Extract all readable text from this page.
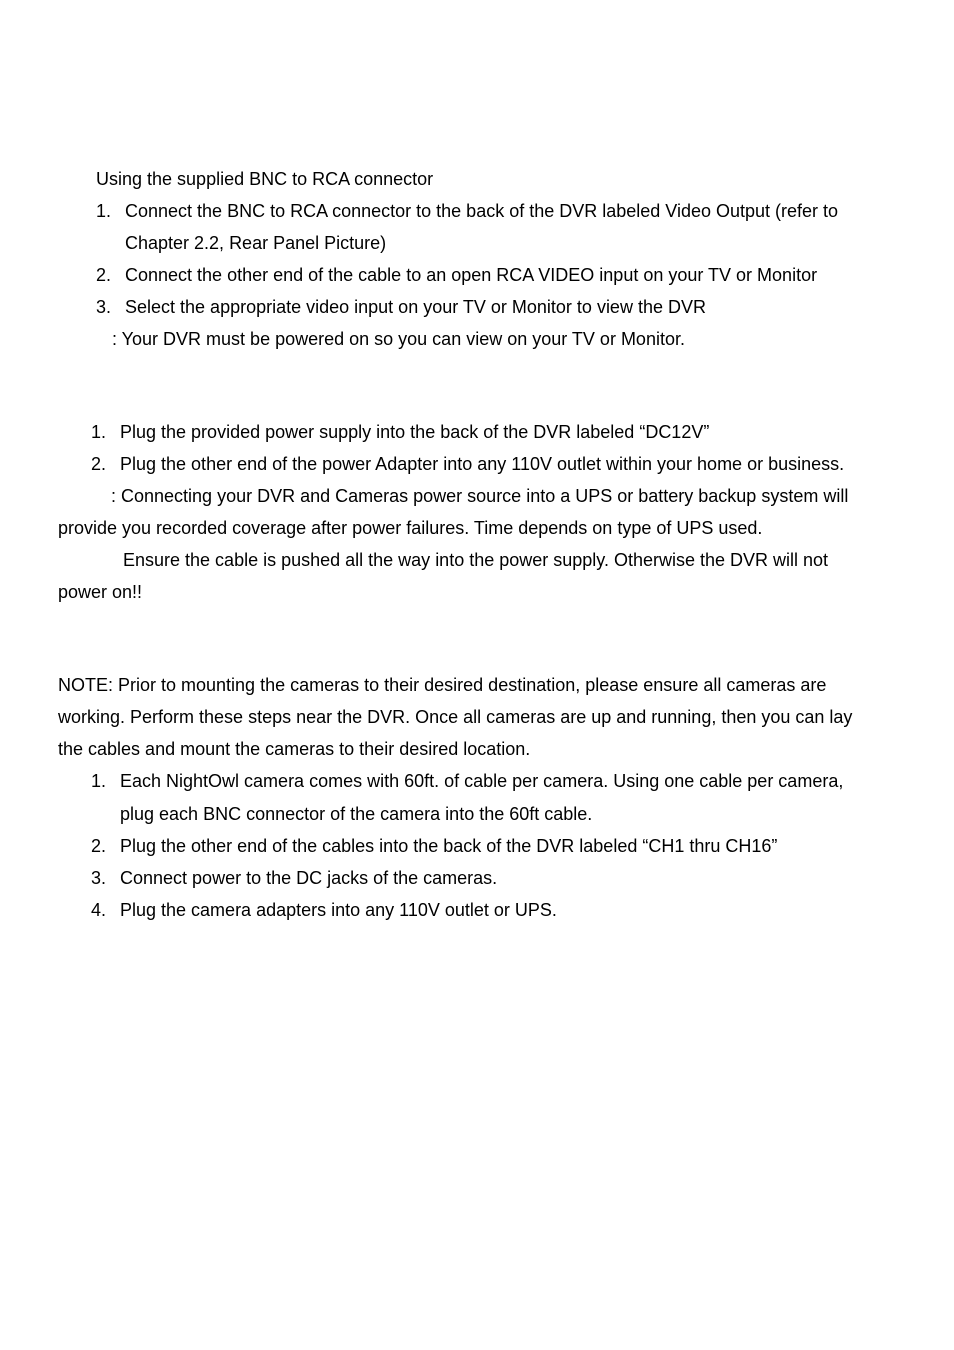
Using the supplied BNC to RCA connector
1. Connect the BNC to RCA connector to the back of the DVR labeled Video Output (refer to
Chapter 2.2, Rear Panel Picture)
2. Connect the other end of the cable to an open RCA VIDEO input on your TV or Monitor
3. Select the appropriate video input on your TV or Monitor to view the DVR
: Your DVR must be powered on so you can view on your TV or Monitor.
1. Plug the provided power supply into the back of the DVR labeled “DC12V”
2. Plug the other end of the power Adapter into any 110V outlet within your home or business.
: Connecting your DVR and Cameras power source into a UPS or battery backup system will
provide you recorded coverage after power failures. Time depends on type of UPS used.
Ensure the cable is pushed all the way into the power supply. Otherwise the DVR will not
power on!!
NOTE: Prior to mounting the cameras to their desired destination, please ensure all cameras are
working. Perform these steps near the DVR. Once all cameras are up and running, then you can lay
the cables and mount the cameras to their desired location.
1. Each NightOwl camera comes with 60ft. of cable per camera. Using one cable per camera,
plug each BNC connector of the camera into the 60ft cable.
2. Plug the other end of the cables into the back of the DVR labeled “CH1 thru CH16”
3. Connect power to the DC jacks of the cameras.
4. Plug the camera adapters into any 110V outlet or UPS.
